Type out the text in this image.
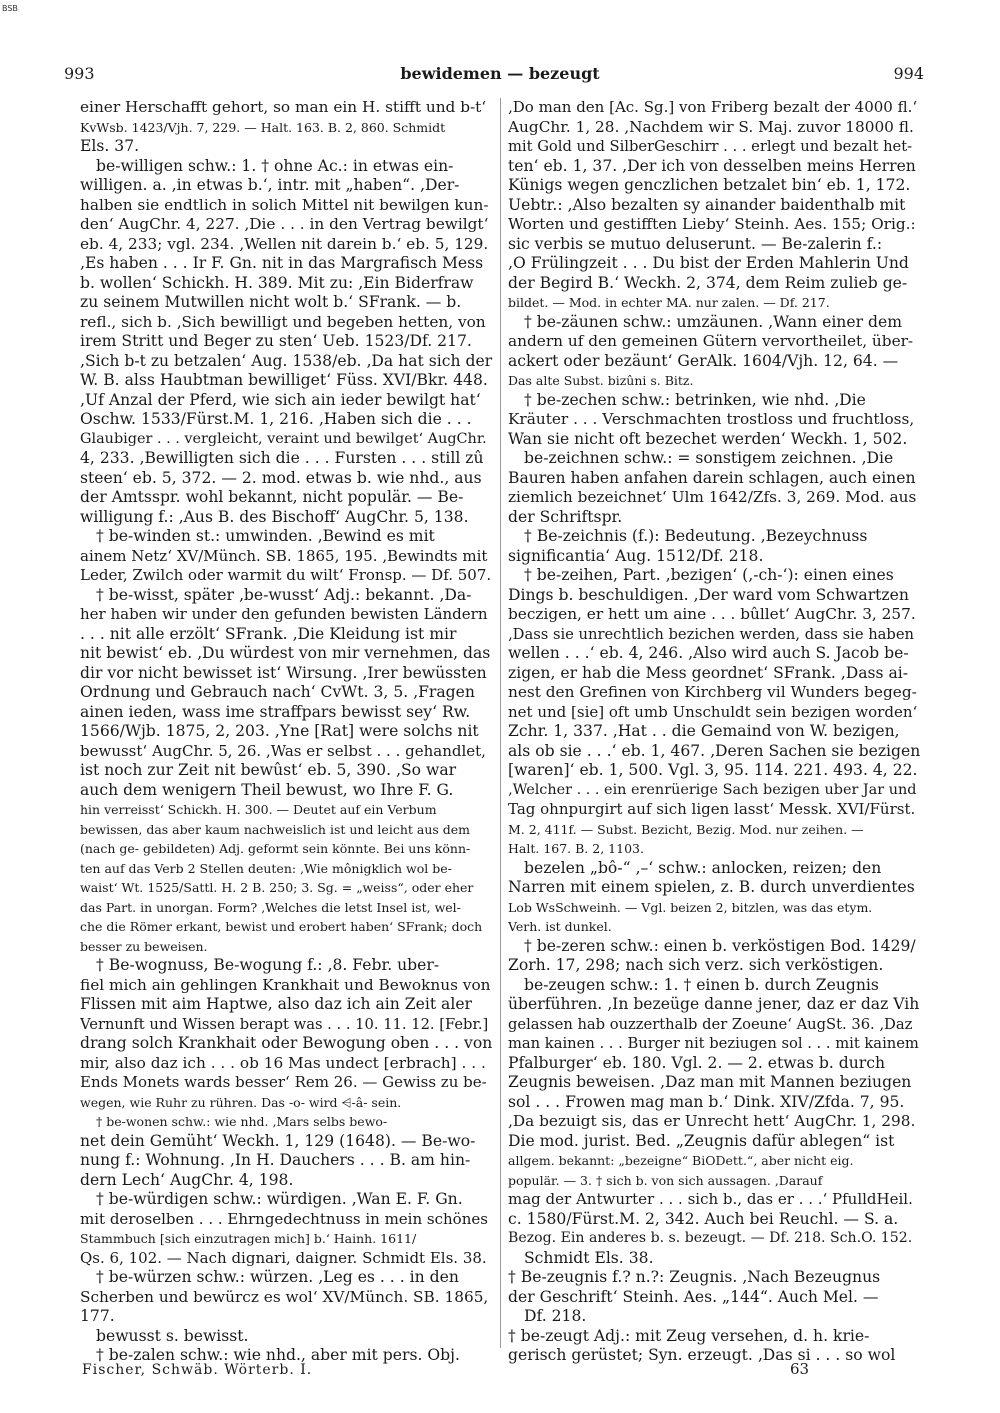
BSB
993	bewidemen — bezeugt	994
einer Herschafft gehort, so man ein H. stifft und b-t‘
KvWsb. 1423/Vjh. 7, 229. — Halt. 163. B. 2, 860. Schmidt
Els. 37.
be-willigen schw.: 1. † ohne Ac.: in etwas ein-
willigen. a. ‚in etwas b.‘, intr. mit „haben“. ‚Der-
halben sie endtlich in solich Mittel nit bewilgen kun-
den‘ AugChr. 4, 227. ‚Die . . . in den Vertrag bewilgt‘
eb. 4, 233; vgl. 234. ‚Wellen nit darein b.‘ eb. 5, 129.
‚Es haben . . . Ir F. Gn. nit in das Margrafisch Mess
b. wollen‘ Schickh. H. 389. Mit zu: ‚Ein Biderfraw
zu seinem Mutwillen nicht wolt b.‘ SFrank. — b.
refl., sich b. ‚Sich bewilligt und begeben hetten, von
irem Stritt und Beger zu sten‘ Ueb. 1523/Df. 217.
‚Sich b-t zu betzalen‘ Aug. 1538/eb. ‚Da hat sich der
W. B. alss Haubtman bewilliget‘ Füss. XVI/Bkr. 448.
‚Uf Anzal der Pferd, wie sich ain ieder bewilgt hat‘
Oschw. 1533/Fürst.M. 1, 216. ‚Haben sich die . . .
Glaubiger . . . vergleicht, veraint und bewilget‘ AugChr.
4, 233. ‚Bewilligten sich die . . . Fursten . . . still zû
steen‘ eb. 5, 372. — 2. mod. etwas b. wie nhd., aus
der Amtsspr. wohl bekannt, nicht populär. — Be-
willigung f.: ‚Aus B. des Bischoff‘ AugChr. 5, 138.
† be-winden st.: umwinden. ‚Bewind es mit
ainem Netz‘ XV/Münch. SB. 1865, 195. ‚Bewindts mit
Leder, Zwilch oder warmit du wilt‘ Fronsp. — Df. 507.
† be-wisst, später ‚be-wusst‘ Adj.: bekannt. ‚Da-
her haben wir under den gefunden bewisten Ländern
. . . nit alle erzölt‘ SFrank. ‚Die Kleidung ist mir
nit bewist‘ eb. ‚Du würdest von mir vernehmen, das
dir vor nicht bewisset ist‘ Wirsung. ‚Irer bewüssten
Ordnung und Gebrauch nach‘ CvWt. 3, 5. ‚Fragen
ainen ieden, wass ime straffpars bewisst sey‘ Rw.
1566/Wjb. 1875, 2, 203. ‚Yne [Rat] were solchs nit
bewusst‘ AugChr. 5, 26. ‚Was er selbst . . . gehandlet,
ist noch zur Zeit nit bewûst‘ eb. 5, 390. ‚So war
auch dem wenigern Theil bewust, wo Ihre F. G.
hin verreisst‘ Schickh. H. 300. — Deutet auf ein Verbum
bewissen, das aber kaum nachweislich ist und leicht aus dem
(nach ge- gebildeten) Adj. geformt sein könnte. Bei uns könn-
ten auf das Verb 2 Stellen deuten: ‚Wie mônigklich wol be-
waist‘ Wt. 1525/Sattl. H. 2 B. 250; 3. Sg. = „weiss“, oder eher
das Part. in unorgan. Form? ‚Welches die letst Insel ist, wel-
che die Römer erkant, bewist und erobert haben‘ SFrank; doch
besser zu beweisen.
† Be-wognuss, Be-wogung f.: ‚8. Febr. uber-
fiel mich ain gehlingen Krankhait und Bewoknus von
Flissen mit aim Haptwe, also daz ich ain Zeit aler
Vernunft und Wissen berapt was . . . 10. 11. 12. [Febr.]
drang solch Krankhait oder Bewogung oben . . . von
mir, also daz ich . . . ob 16 Mas undect [erbrach] . . .
Ends Monets wards besser‘ Rem 26. — Gewiss zu be-
wegen, wie Ruhr zu rühren. Das -o- wird ⩤-â- sein.
† be-wonen schw.: wie nhd. ‚Mars selbs bewo-
net dein Gemüht‘ Weckh. 1, 129 (1648). — Be-wo-
nung f.: Wohnung. ‚In H. Dauchers . . . B. am hin-
dern Lech‘ AugChr. 4, 198.
† be-würdigen schw.: würdigen. ‚Wan E. F. Gn.
mit deroselben . . . Ehrngedechtnuss in mein schönes
Stammbuch [sich einzutragen mich] b.‘ Hainh. 1611/
Qs. 6, 102. — Nach dignari, daigner. Schmidt Els. 38.
† be-würzen schw.: würzen. ‚Leg es . . . in den
Scherben und bewürcz es wol‘ XV/Münch. SB. 1865,
177.
bewusst s. bewisst.
† be-zalen schw.: wie nhd., aber mit pers. Obj.
‚Do man den [Ac. Sg.] von Friberg bezalt der 4000 fl.‘
AugChr. 1, 28. ‚Nachdem wir S. Maj. zuvor 18000 fl.
mit Gold und SilberGeschirr . . . erlegt und bezalt het-
ten‘ eb. 1, 37. ‚Der ich von desselben meins Herren
Künigs wegen genczlichen betzalet bin‘ eb. 1, 172.
Uebtr.: ‚Also bezalten sy ainander baidenthalb mit
Worten und gestifften Lieby‘ Steinh. Aes. 155; Orig.:
sic verbis se mutuo deluserunt. — Be-zalerin f.:
‚O Frülingzeit . . . Du bist der Erden Mahlerin Und
der Begird B.‘ Weckh. 2, 374, dem Reim zulieb ge-
bildet. — Mod. in echter MA. nur zalen. — Df. 217.
† be-zäunen schw.: umzäunen. ‚Wann einer dem
andern uf den gemeinen Gütern vervortheilet, über-
ackert oder bezäunt‘ GerAlk. 1604/Vjh. 12, 64. —
Das alte Subst. bizûni s. Bitz.
† be-zechen schw.: betrinken, wie nhd. ‚Die
Kräuter . . . Verschmachten trostloss und fruchtloss,
Wan sie nicht oft bezechet werden‘ Weckh. 1, 502.
be-zeichnen schw.: = sonstigem zeichnen. ‚Die
Bauren haben anfahen darein schlagen, auch einen
ziemlich bezeichnet‘ Ulm 1642/Zfs. 3, 269. Mod. aus
der Schriftspr.
† Be-zeichnis (f.): Bedeutung. ‚Bezeychnuss
significantia‘ Aug. 1512/Df. 218.
† be-zeihen, Part. ‚bezigen‘ (‚-ch-‘): einen eines
Dings b. beschuldigen. ‚Der ward vom Schwartzen
beczigen, er hett um aine . . . bûllet‘ AugChr. 3, 257.
‚Dass sie unrechtlich bezichen werden, dass sie haben
wellen . . .‘ eb. 4, 246. ‚Also wird auch S. Jacob be-
zigen, er hab die Mess geordnet‘ SFrank. ‚Dass ai-
nest den Grefinen von Kirchberg vil Wunders begeg-
net und [sie] oft umb Unschuldt sein bezigen worden‘
Zchr. 1, 337. ‚Hat . . die Gemaind von W. bezigen,
als ob sie . . .‘ eb. 1, 467. ‚Deren Sachen sie bezigen
[waren]‘ eb. 1, 500. Vgl. 3, 95. 114. 221. 493. 4, 22.
‚Welcher . . . ein erenrüerige Sach bezigen uber Jar und
Tag ohnpurgirt auf sich ligen lasst‘ Messk. XVI/Fürst.
M. 2, 411f. — Subst. Bezicht, Bezig. Mod. nur zeihen. —
Halt. 167. B. 2, 1103.
bezelen „bô-“ ‚–‘ schw.: anlocken, reizen; den
Narren mit einem spielen, z. B. durch unverdientes
Lob WsSchweinh. — Vgl. beizen 2, bitzlen, was das etym.
Verh. ist dunkel.
† be-zeren schw.: einen b. verköstigen Bod. 1429/
Zorh. 17, 298; nach sich verz. sich verköstigen.
be-zeugen schw.: 1. † einen b. durch Zeugnis
überführen. ‚In bezeüge danne jener, daz er daz Vih
gelassen hab ouzzerthalb der Zoeune‘ AugSt. 36. ‚Daz
man kainen . . . Burger nit beziugen sol . . . mit kainem
Pfalburger‘ eb. 180. Vgl. 2. — 2. etwas b. durch
Zeugnis beweisen. ‚Daz man mit Mannen beziugen
sol . . . Frowen mag man b.‘ Dink. XIV/Zfda. 7, 95.
‚Da bezuigt sis, das er Unrecht hett‘ AugChr. 1, 298.
Die mod. jurist. Bed. „Zeugnis dafür ablegen“ ist
allgem. bekannt: „bezeigne“ BiODett.“, aber nicht eig.
populär. — 3. † sich b. von sich aussagen. ‚Darauf
mag der Antwurter . . . sich b., das er . . .‘ PfulldHeil.
c. 1580/Fürst.M. 2, 342. Auch bei Reuchl. — S. a.
Bezog. Ein anderes b. s. bezeugt. — Df. 218. Sch.O. 152.
Schmidt Els. 38.
† Be-zeugnis f.? n.?: Zeugnis. ‚Nach Bezeugnus
der Geschrift‘ Steinh. Aes. „144“. Auch Mel. —
Df. 218.
† be-zeugt Adj.: mit Zeug versehen, d. h. krie-
gerisch gerüstet; Syn. erzeugt. ‚Das si . . . so wol
Fischer, Schwäb. Wörterb. I.	63
